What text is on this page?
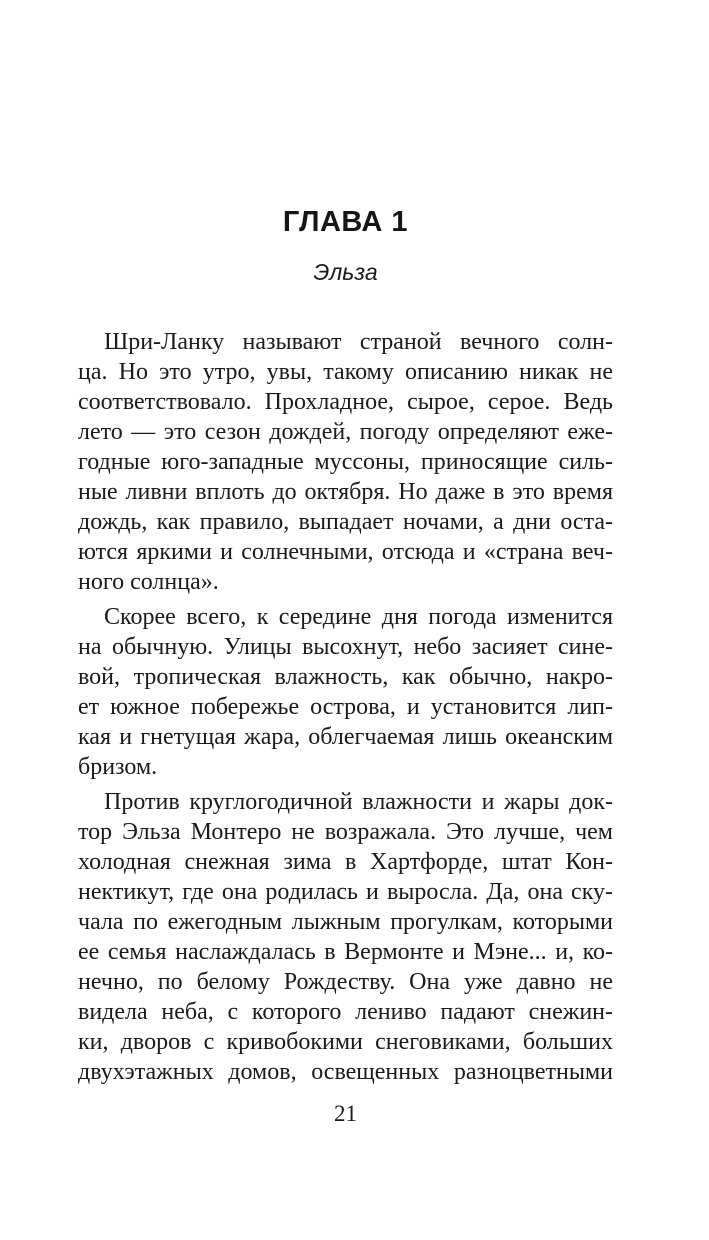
ГЛАВА 1
Эльза
Шри-Ланку называют страной вечного солн-
ца. Но это утро, увы, такому описанию никак не
соответствовало. Прохладное, сырое, серое. Ведь
лето — это сезон дождей, погоду определяют еже-
годные юго-западные муссоны, приносящие силь-
ные ливни вплоть до октября. Но даже в это время
дождь, как правило, выпадает ночами, а дни оста-
ются яркими и солнечными, отсюда и «страна веч-
ного солнца».
Скорее всего, к середине дня погода изменится
на обычную. Улицы высохнут, небо засияет сине-
вой, тропическая влажность, как обычно, накро-
ет южное побережье острова, и установится лип-
кая и гнетущая жара, облегчаемая лишь океанским
бризом.
Против круглогодичной влажности и жары док-
тор Эльза Монтеро не возражала. Это лучше, чем
холодная снежная зима в Хартфорде, штат Кон-
нектикут, где она родилась и выросла. Да, она ску-
чала по ежегодным лыжным прогулкам, которыми
ее семья наслаждалась в Вермонте и Мэне... и, ко-
нечно, по белому Рождеству. Она уже давно не
видела неба, с которого лениво падают снежин-
ки, дворов с кривобокими снеговиками, больших
двухэтажных домов, освещенных разноцветными
21
